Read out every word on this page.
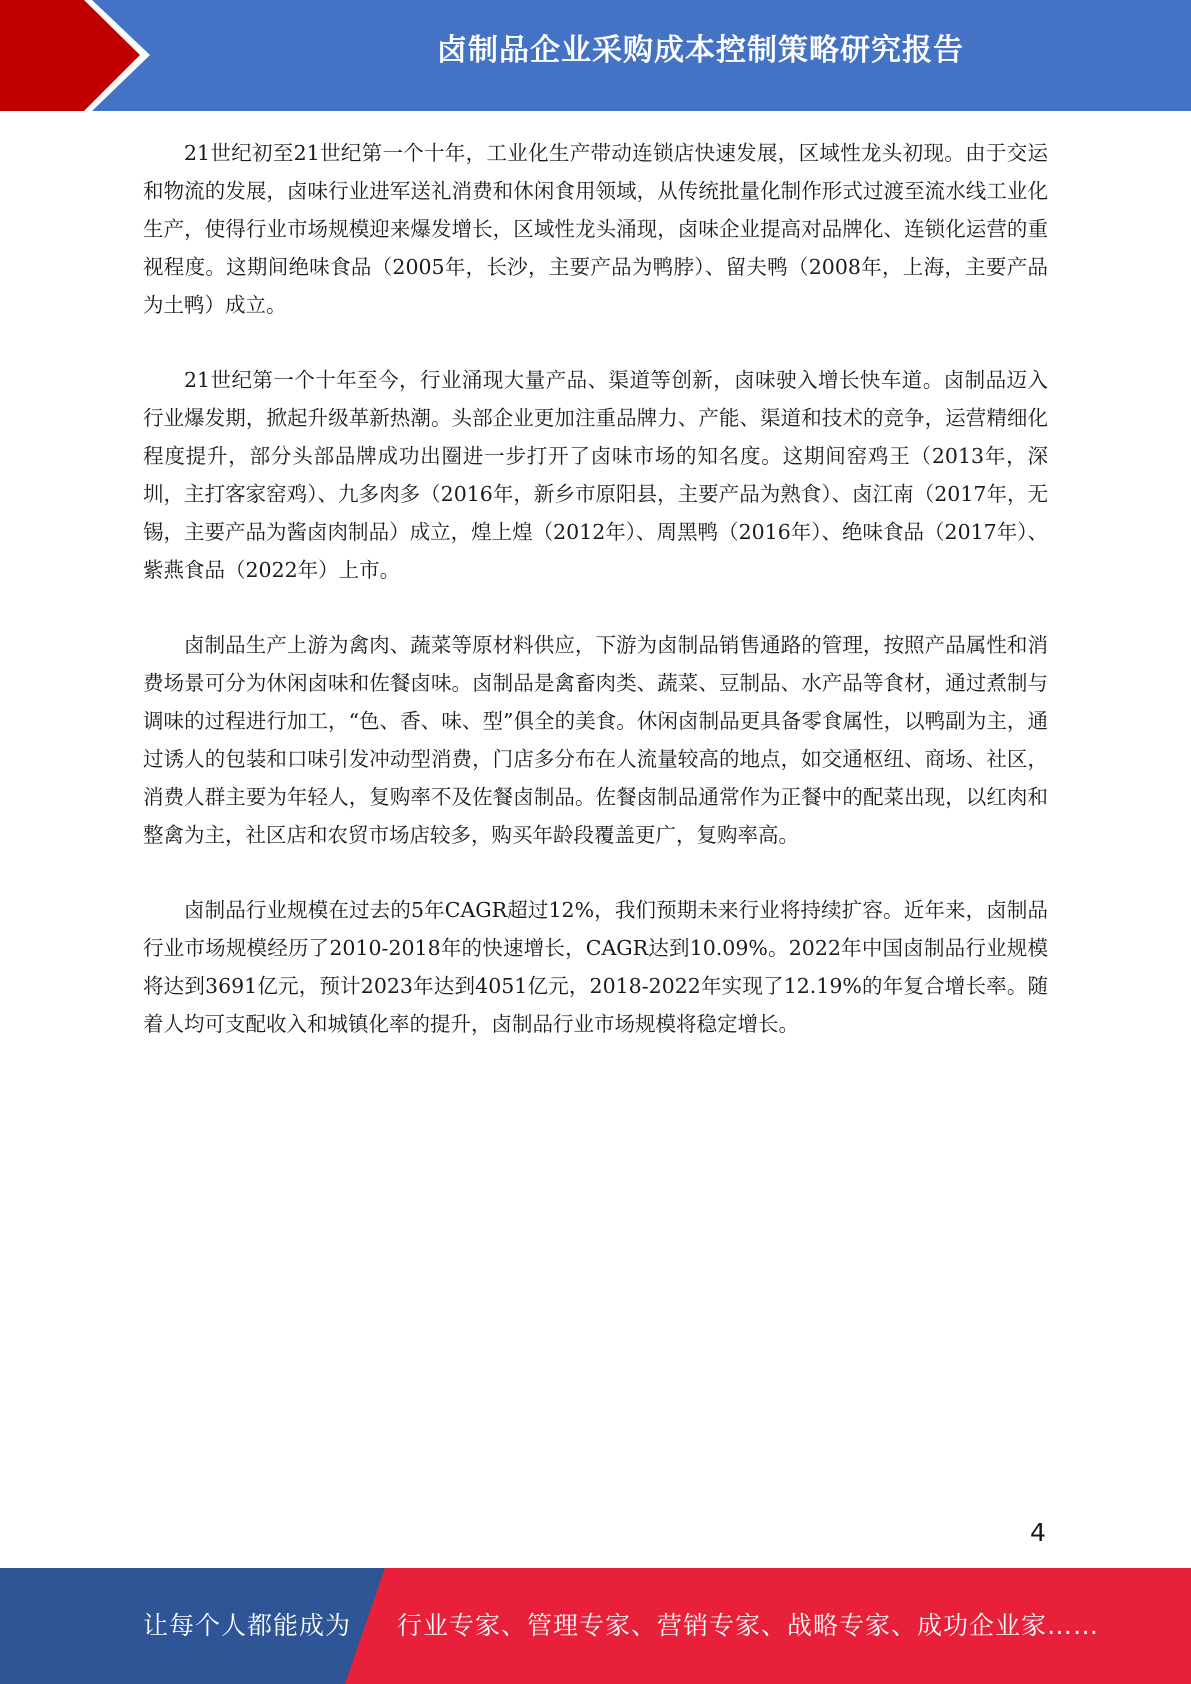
卤制品企业采购成本控制策略研究报告

21世纪初至21世纪第一个十年，工业化生产带动连锁店快速发展，区域性龙头初现。由于交运和物流的发展，卤味行业进军送礼消费和休闲食用领域，从传统批量化制作形式过渡至流水线工业化生产，使得行业市场规模迎来爆发增长，区域性龙头涌现，卤味企业提高对品牌化、连锁化运营的重视程度。这期间绝味食品（2005年，长沙，主要产品为鸭脖）、留夫鸭（2008年，上海，主要产品为土鸭）成立。

21世纪第一个十年至今，行业涌现大量产品、渠道等创新，卤味驶入增长快车道。卤制品迈入行业爆发期，掀起升级革新热潮。头部企业更加注重品牌力、产能、渠道和技术的竞争，运营精细化程度提升，部分头部品牌成功出圈进一步打开了卤味市场的知名度。这期间窑鸡王（2013年，深圳，主打客家窑鸡）、九多肉多（2016年，新乡市原阳县，主要产品为熟食）、卤江南（2017年，无锡，主要产品为酱卤肉制品）成立，煌上煌（2012年）、周黑鸭（2016年）、绝味食品（2017年）、紫燕食品（2022年）上市。

卤制品生产上游为禽肉、蔬菜等原材料供应，下游为卤制品销售通路的管理，按照产品属性和消费场景可分为休闲卤味和佐餐卤味。卤制品是禽畜肉类、蔬菜、豆制品、水产品等食材，通过煮制与调味的过程进行加工，“色、香、味、型”俱全的美食。休闲卤制品更具备零食属性，以鸭副为主，通过诱人的包装和口味引发冲动型消费，门店多分布在人流量较高的地点，如交通枢纽、商场、社区，消费人群主要为年轻人，复购率不及佐餐卤制品。佐餐卤制品通常作为正餐中的配菜出现，以红肉和整禽为主，社区店和农贸市场店较多，购买年龄段覆盖更广，复购率高。

卤制品行业规模在过去的5年CAGR超过12%，我们预期未来行业将持续扩容。近年来，卤制品行业市场规模经历了2010-2018年的快速增长，CAGR达到10.09%。2022年中国卤制品行业规模将达到3691亿元，预计2023年达到4051亿元，2018-2022年实现了12.19%的年复合增长率。随着人均可支配收入和城镇化率的提升，卤制品行业市场规模将稳定增长。

4
让每个人都能成为 行业专家、管理专家、营销专家、战略专家、成功企业家……
